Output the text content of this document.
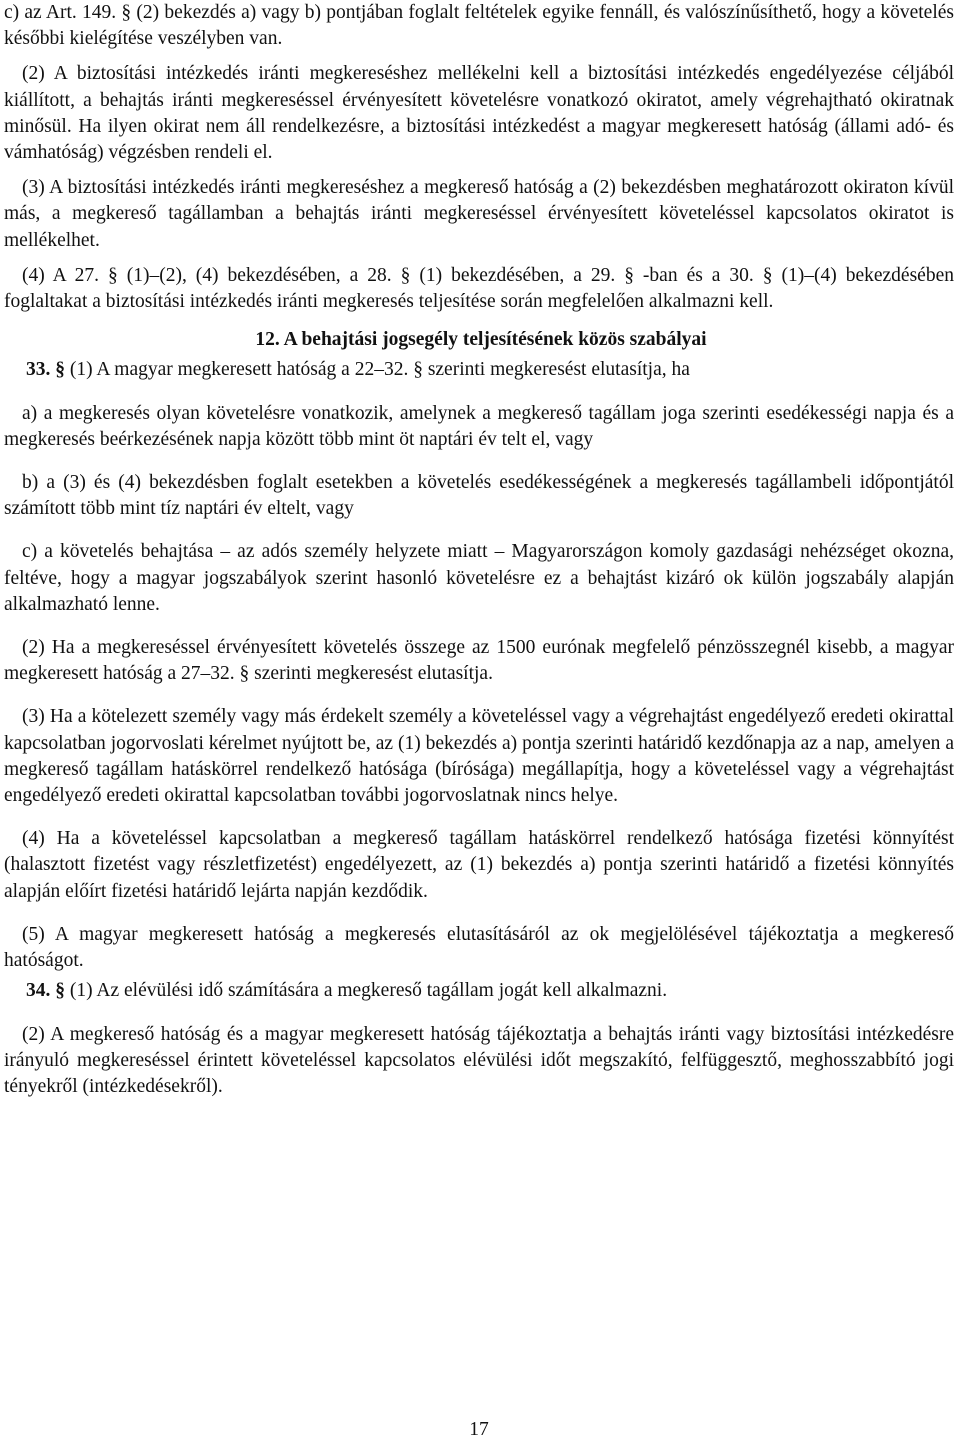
c) az Art. 149. § (2) bekezdés a) vagy b) pontjában foglalt feltételek egyike fennáll, és valószínűsíthető, hogy a követelés későbbi kielégítése veszélyben van.

(2) A biztosítási intézkedés iránti megkereséshez mellékelni kell a biztosítási intézkedés engedélyezése céljából kiállított, a behajtás iránti megkereséssel érvényesített követelésre vonatkozó okiratot, amely végrehajtható okiratnak minősül. Ha ilyen okirat nem áll rendelkezésre, a biztosítási intézkedést a magyar megkeresett hatóság (állami adó- és vámhatóság) végzésben rendeli el.

(3) A biztosítási intézkedés iránti megkereséshez a megkereső hatóság a (2) bekezdésben meghatározott okiraton kívül más, a megkereső tagállamban a behajtás iránti megkereséssel érvényesített követeléssel kapcsolatos okiratot is mellékelhet.

(4) A 27. § (1)–(2), (4) bekezdésében, a 28. § (1) bekezdésében, a 29. § -ban és a 30. § (1)–(4) bekezdésében foglaltakat a biztosítási intézkedés iránti megkeresés teljesítése során megfelelően alkalmazni kell.

12. A behajtási jogsegély teljesítésének közös szabályai

33. § (1) A magyar megkeresett hatóság a 22–32. § szerinti megkeresést elutasítja, ha

a) a megkeresés olyan követelésre vonatkozik, amelynek a megkereső tagállam joga szerinti esedékességi napja és a megkeresés beérkezésének napja között több mint öt naptári év telt el, vagy

b) a (3) és (4) bekezdésben foglalt esetekben a követelés esedékességének a megkeresés tagállambeli időpontjától számított több mint tíz naptári év eltelt, vagy

c) a követelés behajtása – az adós személy helyzete miatt – Magyarországon komoly gazdasági nehézséget okozna, feltéve, hogy a magyar jogszabályok szerint hasonló követelésre ez a behajtást kizáró ok külön jogszabály alapján alkalmazható lenne.

(2) Ha a megkereséssel érvényesített követelés összege az 1500 eurónak megfelelő pénzösszegnél kisebb, a magyar megkeresett hatóság a 27–32. § szerinti megkeresést elutasítja.

(3) Ha a kötelezett személy vagy más érdekelt személy a követeléssel vagy a végrehajtást engedélyező eredeti okirattal kapcsolatban jogorvoslati kérelmet nyújtott be, az (1) bekezdés a) pontja szerinti határidő kezdőnapja az a nap, amelyen a megkereső tagállam hatáskörrel rendelkező hatósága (bírósága) megállapítja, hogy a követeléssel vagy a végrehajtást engedélyező eredeti okirattal kapcsolatban további jogorvoslatnak nincs helye.

(4) Ha a követeléssel kapcsolatban a megkereső tagállam hatáskörrel rendelkező hatósága fizetési könnyítést (halasztott fizetést vagy részletfizetést) engedélyezett, az (1) bekezdés a) pontja szerinti határidő a fizetési könnyítés alapján előírt fizetési határidő lejárta napján kezdődik.

(5) A magyar megkeresett hatóság a megkeresés elutasításáról az ok megjelölésével tájékoztatja a megkereső hatóságot.

34. § (1) Az elévülési idő számítására a megkereső tagállam jogát kell alkalmazni.

(2) A megkereső hatóság és a magyar megkeresett hatóság tájékoztatja a behajtás iránti vagy biztosítási intézkedésre irányuló megkereséssel érintett követeléssel kapcsolatos elévülési időt megszakító, felfüggesztő, meghosszabbító jogi tényekről (intézkedésekről).

17
